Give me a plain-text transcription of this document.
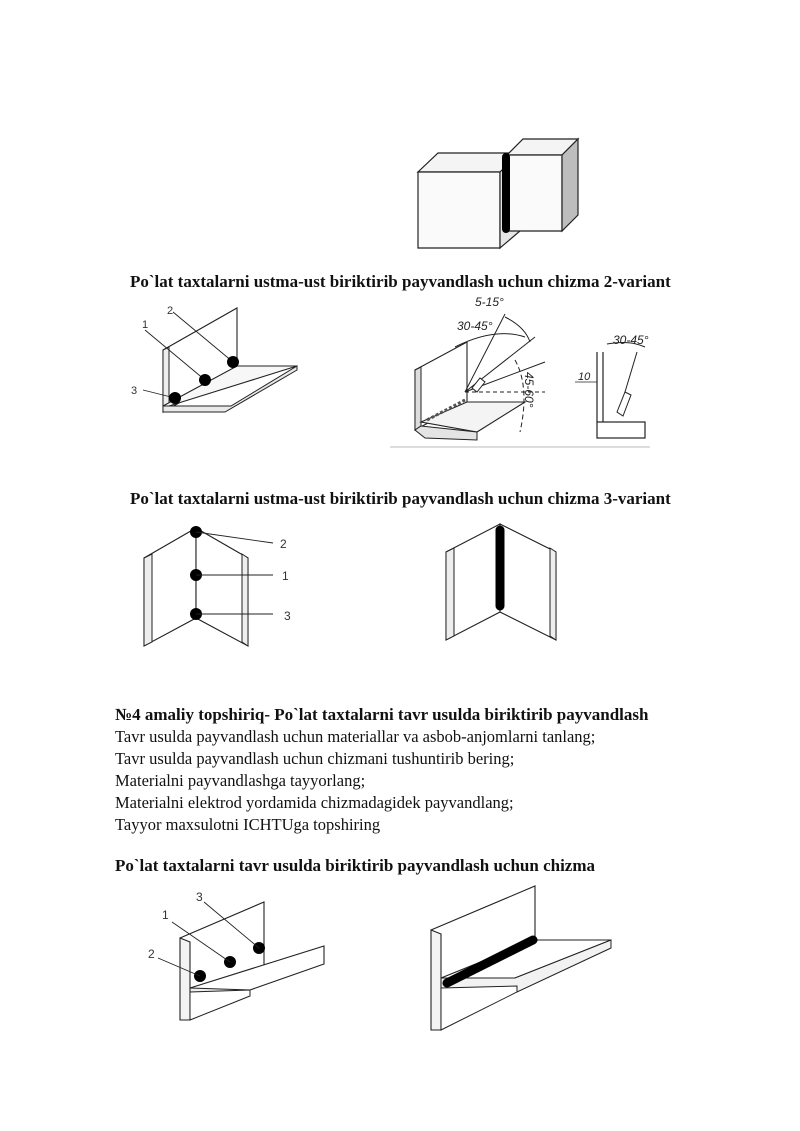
Po`lat taxtalarni ustma-ust biriktirib payvandlash uchun chizma 2-variant
1
2
3
5-15°
30-45°
45-60°
30-45°
10
Po`lat taxtalarni ustma-ust biriktirib payvandlash uchun chizma 3-variant
2
1
3
№4 amaliy topshiriq- Po`lat taxtalarni tavr usulda biriktirib payvandlash
Tavr usulda payvandlash uchun materiallar va asbob-anjomlarni tanlang;
Tavr usulda payvandlash uchun chizmani tushuntirib bering;
Materialni payvandlashga tayyorlang;
Materialni elektrod yordamida chizmadagidek payvandlang;
Tayyor maxsulotni ICHTUga topshiring
Po`lat taxtalarni tavr usulda biriktirib payvandlash uchun chizma
3
1
2
